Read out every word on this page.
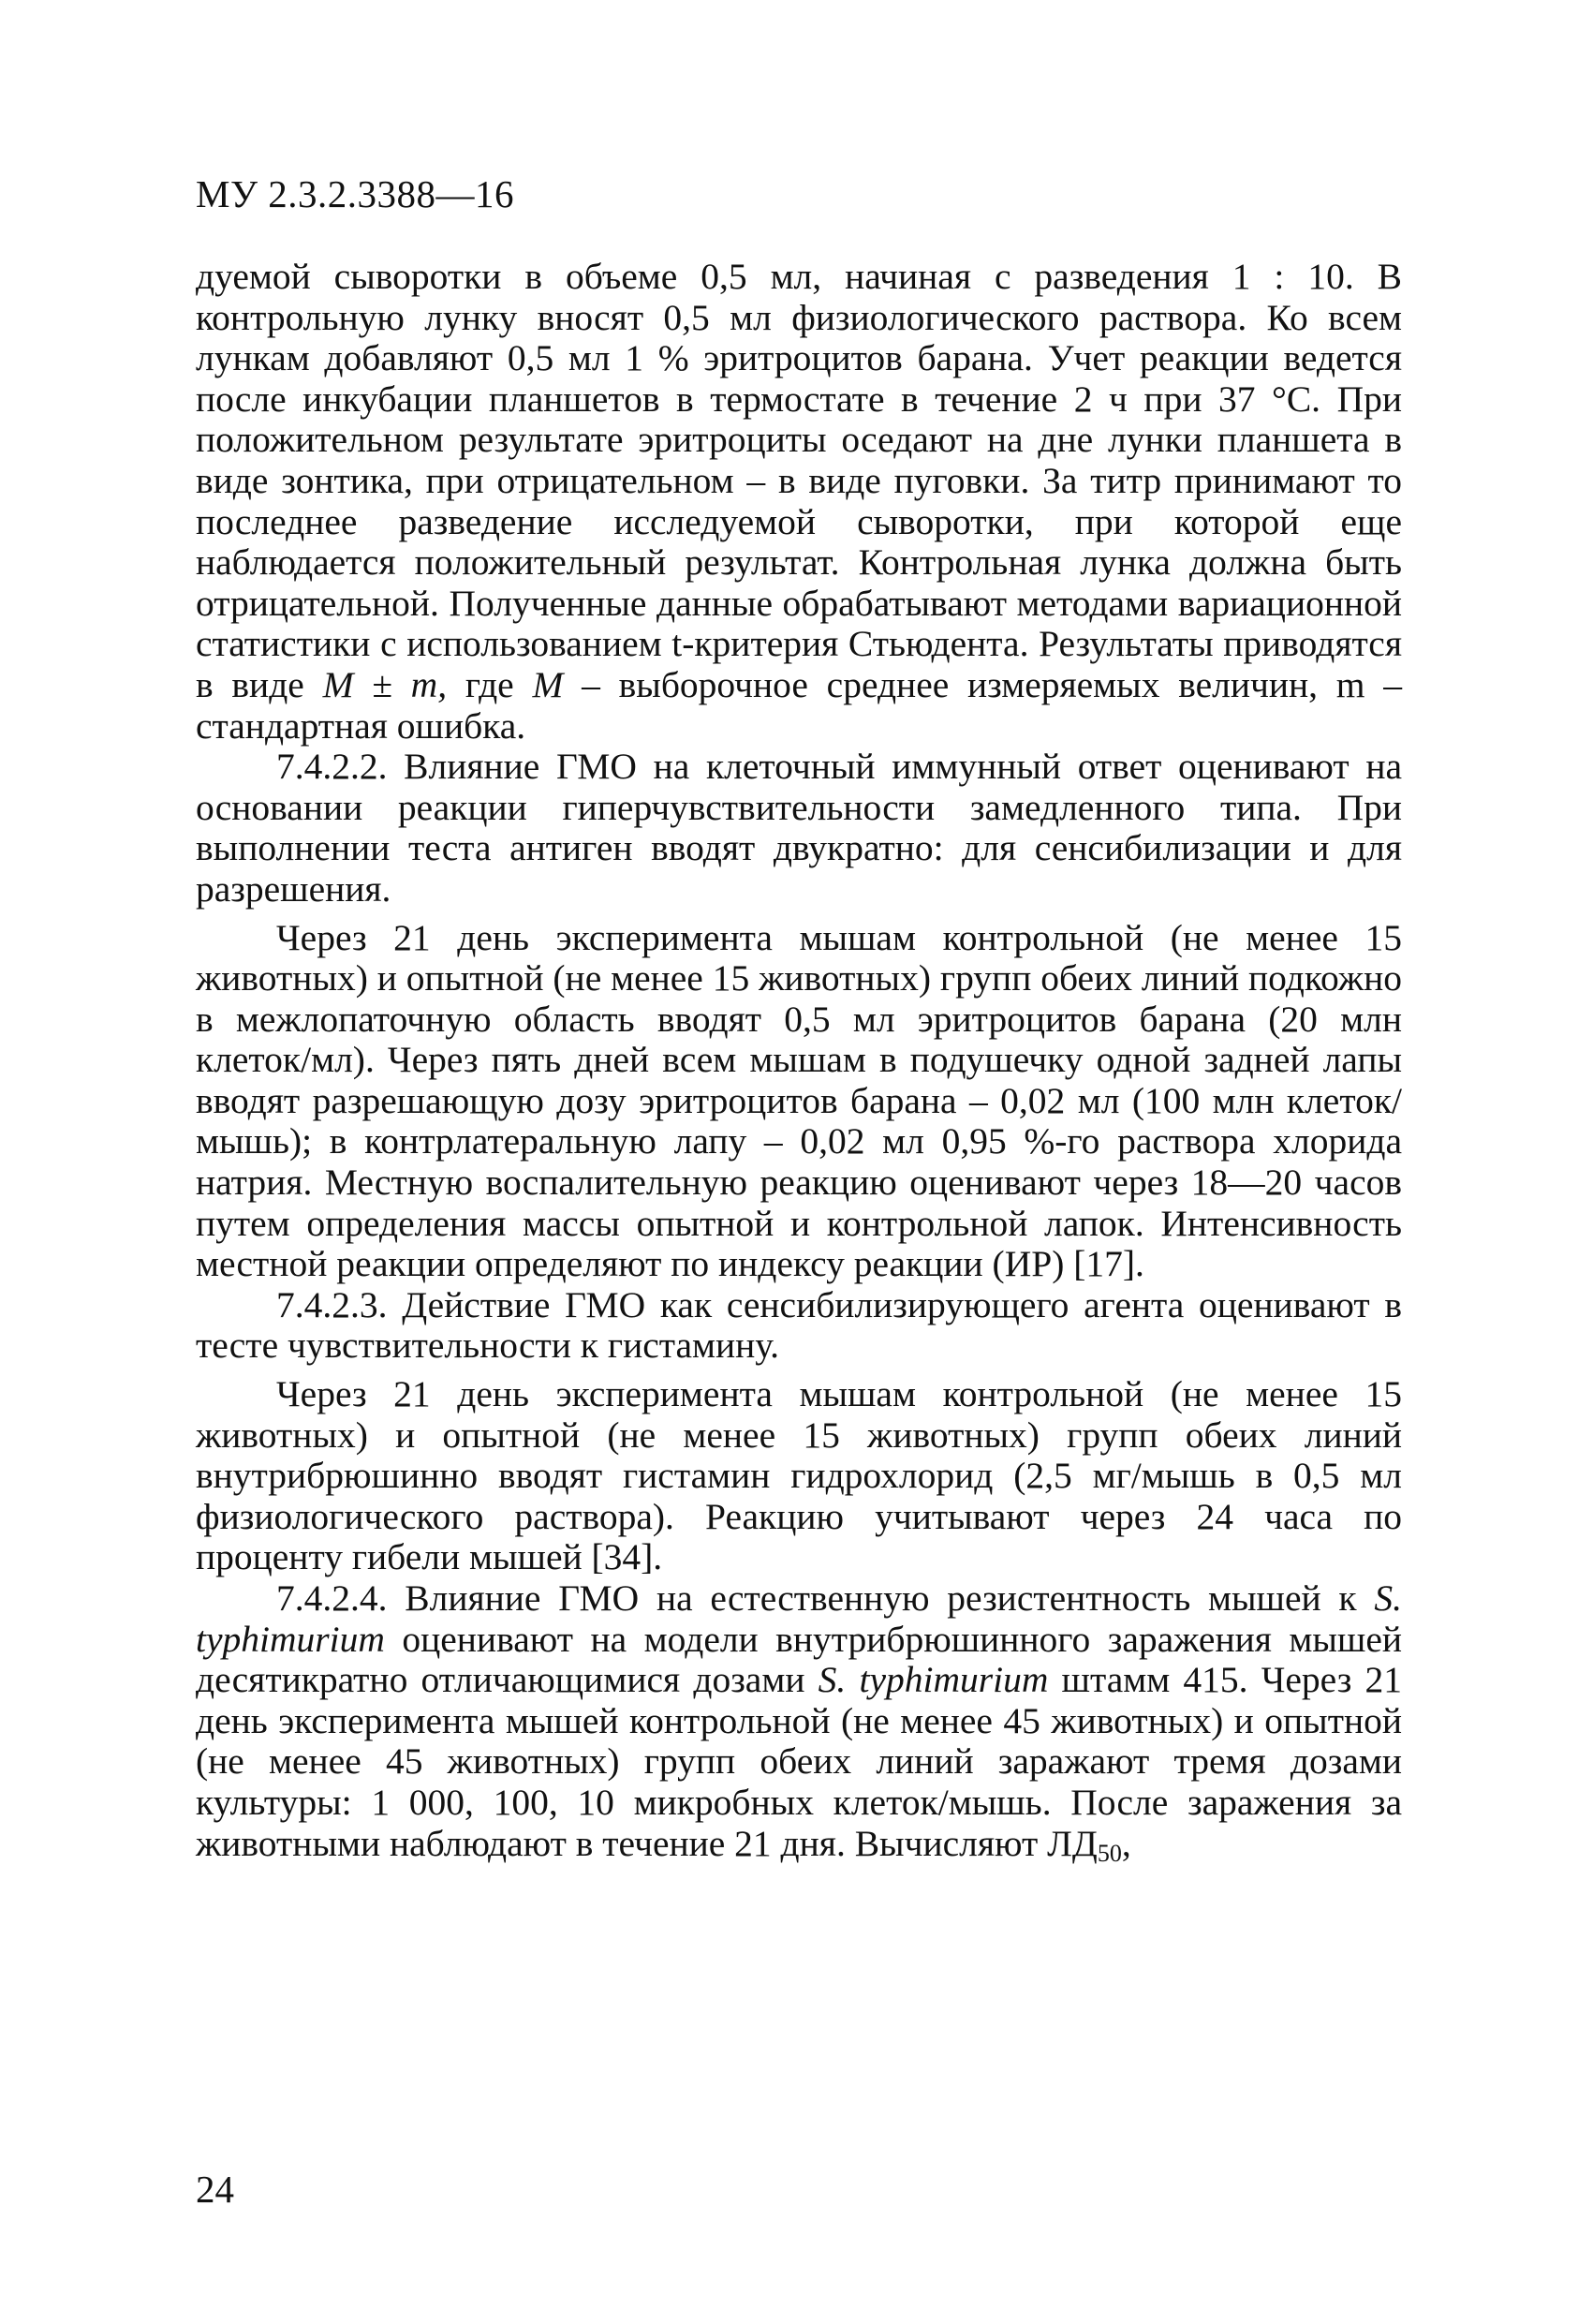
МУ 2.3.2.3388—16

дуемой сыворотки в объеме 0,5 мл, начиная с разведения 1 : 10. В контрольную лунку вносят 0,5 мл физиологического раствора. Ко всем лункам добавляют 0,5 мл 1 % эритроцитов барана. Учет реакции ведется после инкубации планшетов в термостате в течение 2 ч при 37 °С. При положительном результате эритроциты оседают на дне лунки планшета в виде зонтика, при отрицательном – в виде пуговки. За титр принимают то последнее разведение исследуемой сыворотки, при которой еще наблюдается положительный результат. Контрольная лунка должна быть отрицательной. Полученные данные обрабатывают методами вариационной статистики с использованием t-критерия Стьюдента. Результаты приводятся в виде M ± m, где M – выборочное среднее измеряемых величин, m – стандартная ошибка.

7.4.2.2. Влияние ГМО на клеточный иммунный ответ оценивают на основании реакции гиперчувствительности замедленного типа. При выполнении теста антиген вводят двукратно: для сенсибилизации и для разрешения.

Через 21 день эксперимента мышам контрольной (не менее 15 животных) и опытной (не менее 15 животных) групп обеих линий подкожно в межлопаточную область вводят 0,5 мл эритроцитов барана (20 млн клеток/мл). Через пять дней всем мышам в подушечку одной задней лапы вводят разрешающую дозу эритроцитов барана – 0,02 мл (100 млн клеток/мышь); в контрлатеральную лапу – 0,02 мл 0,95 %-го раствора хлорида натрия. Местную воспалительную реакцию оценивают через 18—20 часов путем определения массы опытной и контрольной лапок. Интенсивность местной реакции определяют по индексу реакции (ИР) [17].

7.4.2.3. Действие ГМО как сенсибилизирующего агента оценивают в тесте чувствительности к гистамину.

Через 21 день эксперимента мышам контрольной (не менее 15 животных) и опытной (не менее 15 животных) групп обеих линий внутрибрюшинно вводят гистамин гидрохлорид (2,5 мг/мышь в 0,5 мл физиологического раствора). Реакцию учитывают через 24 часа по проценту гибели мышей [34].

7.4.2.4. Влияние ГМО на естественную резистентность мышей к S. typhimurium оценивают на модели внутрибрюшинного заражения мышей десятикратно отличающимися дозами S. typhimurium штамм 415. Через 21 день эксперимента мышей контрольной (не менее 45 животных) и опытной (не менее 45 животных) групп обеих линий заражают тремя дозами культуры: 1 000, 100, 10 микробных клеток/мышь. После заражения за животными наблюдают в течение 21 дня. Вычисляют $ЛД_{50}$,

24
